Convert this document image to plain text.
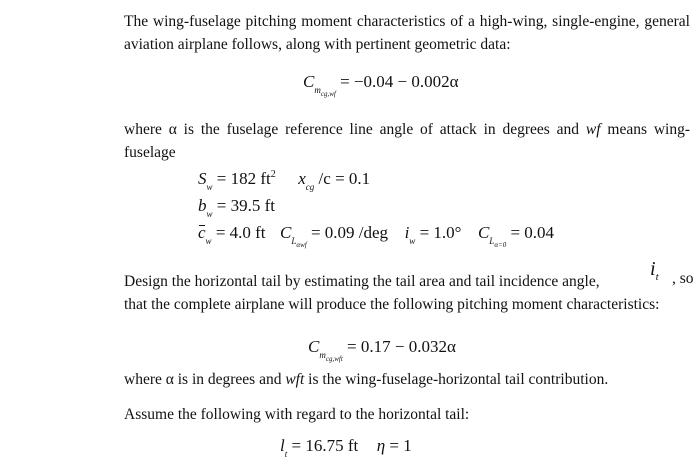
The wing-fuselage pitching moment characteristics of a high-wing, single-engine, general aviation airplane follows, along with pertinent geometric data:
$C_{m_{cg,wf}} = -0.04 - 0.002\alpha$
where α is the fuselage reference line angle of attack in degrees and wf means wing-fuselage
$S_w = 182$ $ft^2$ $x_{cg}$ /c = 0.1
$b_w = 39.5$ ft
$c_w = 4.0$ ft $C_{L_{\alpha wf}} = 0.09$ /deg $i_w = 1.0^\circ$ $C_{L_{\alpha=0}} = 0.04$
Design the horizontal tail by estimating the tail area and tail incidence angle,
$i_t$ , so
that the complete airplane will produce the following pitching moment characteristics:
$C_{m_{cg,wft}} = 0.17 - 0.032\alpha$
where α is in degrees and wft is the wing-fuselage-horizontal tail contribution.
Assume the following with regard to the horizontal tail:
$l_t = 16.75$ ft η = 1
